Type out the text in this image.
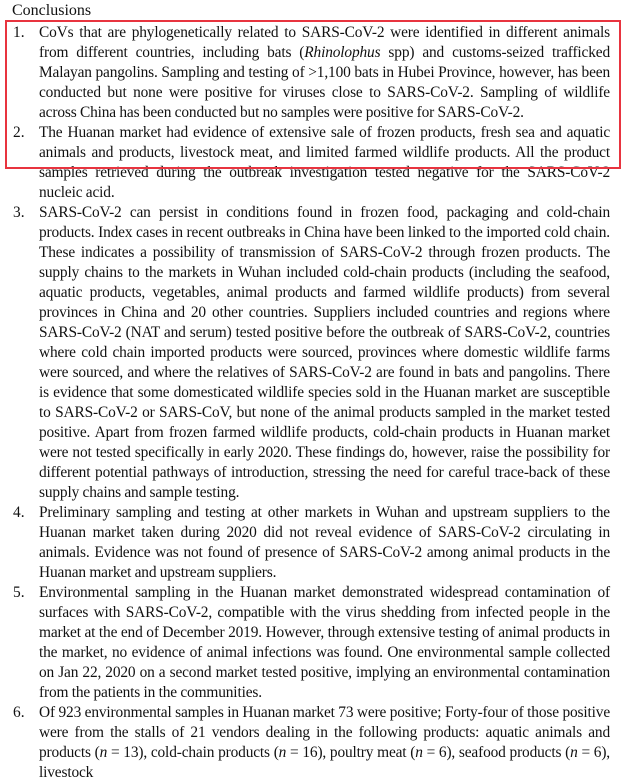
Conclusions
1. CoVs that are phylogenetically related to SARS-CoV-2 were identified in different animals from different countries, including bats (Rhinolophus spp) and customs-seized trafficked Malayan pangolins. Sampling and testing of >1,100 bats in Hubei Province, however, has been conducted but none were positive for viruses close to SARS-CoV-2. Sampling of wildlife across China has been conducted but no samples were positive for SARS-CoV-2.
2. The Huanan market had evidence of extensive sale of frozen products, fresh sea and aquatic animals and products, livestock meat, and limited farmed wildlife products. All the product samples retrieved during the outbreak investigation tested negative for the SARS-CoV-2 nucleic acid.
3. SARS-CoV-2 can persist in conditions found in frozen food, packaging and cold-chain products. Index cases in recent outbreaks in China have been linked to the imported cold chain. These indicates a possibility of transmission of SARS-CoV-2 through frozen products. The supply chains to the markets in Wuhan included cold-chain products (including the seafood, aquatic products, vegetables, animal products and farmed wildlife products) from several provinces in China and 20 other countries. Suppliers included countries and regions where SARS-CoV-2 (NAT and serum) tested positive before the outbreak of SARS-CoV-2, countries where cold chain imported products were sourced, provinces where domestic wildlife farms were sourced, and where the relatives of SARS-CoV-2 are found in bats and pangolins. There is evidence that some domesticated wildlife species sold in the Huanan market are susceptible to SARS-CoV-2 or SARS-CoV, but none of the animal products sampled in the market tested positive. Apart from frozen farmed wildlife products, cold-chain products in Huanan market were not tested specifically in early 2020. These findings do, however, raise the possibility for different potential pathways of introduction, stressing the need for careful trace-back of these supply chains and sample testing.
4. Preliminary sampling and testing at other markets in Wuhan and upstream suppliers to the Huanan market taken during 2020 did not reveal evidence of SARS-CoV-2 circulating in animals. Evidence was not found of presence of SARS-CoV-2 among animal products in the Huanan market and upstream suppliers.
5. Environmental sampling in the Huanan market demonstrated widespread contamination of surfaces with SARS-CoV-2, compatible with the virus shedding from infected people in the market at the end of December 2019. However, through extensive testing of animal products in the market, no evidence of animal infections was found. One environmental sample collected on Jan 22, 2020 on a second market tested positive, implying an environmental contamination from the patients in the communities.
6. Of 923 environmental samples in Huanan market 73 were positive; Forty-four of those positive were from the stalls of 21 vendors dealing in the following products: aquatic animals and products (n = 13), cold-chain products (n = 16), poultry meat (n = 6), seafood products (n = 6), livestock
